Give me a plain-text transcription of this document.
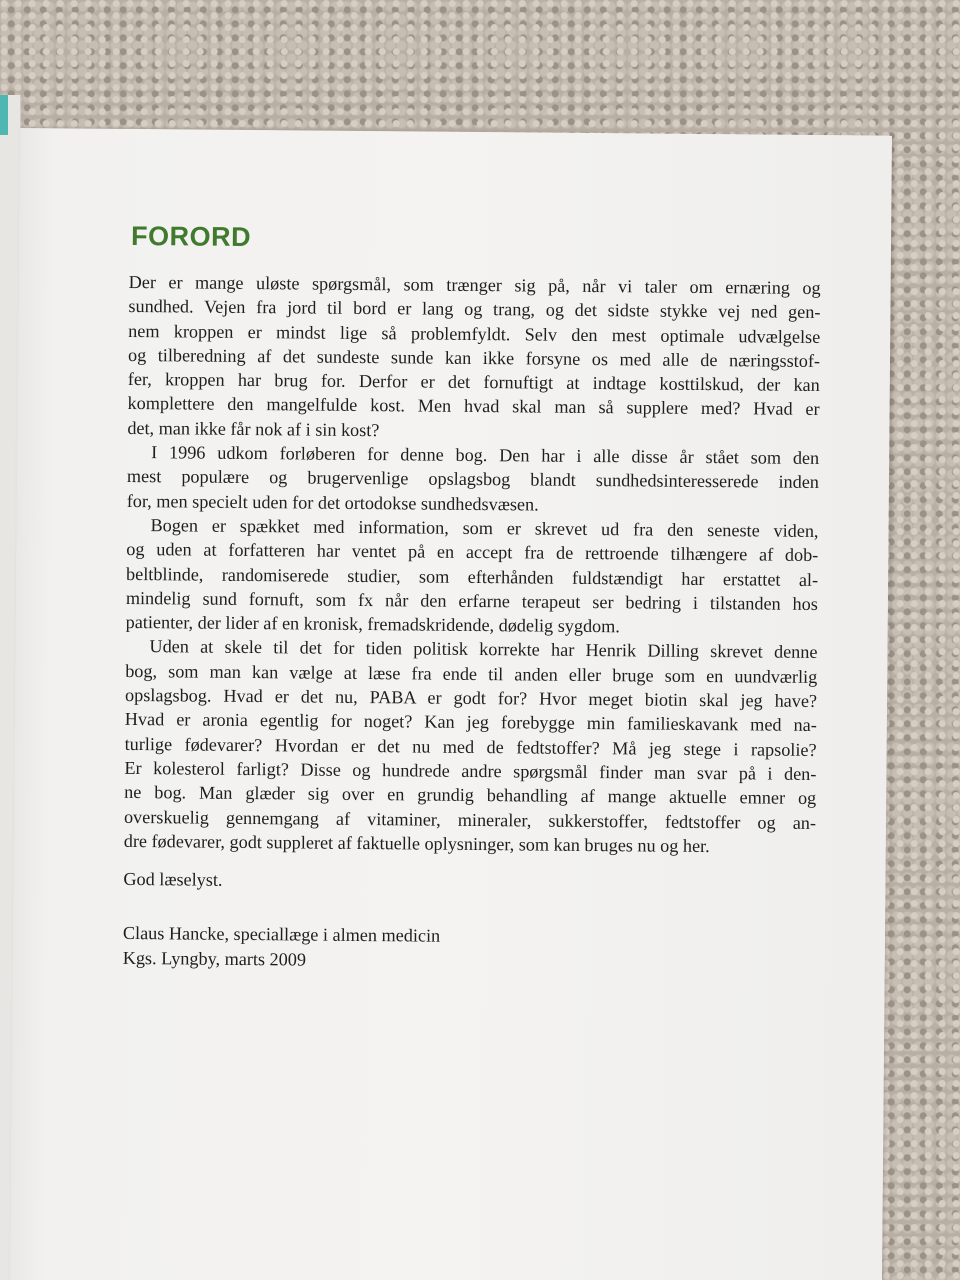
FORORD

Der er mange uløste spørgsmål, som trænger sig på, når vi taler om ernæring og
sundhed. Vejen fra jord til bord er lang og trang, og det sidste stykke vej ned gen-
nem kroppen er mindst lige så problemfyldt. Selv den mest optimale udvælgelse
og tilberedning af det sundeste sunde kan ikke forsyne os med alle de næringsstof-
fer, kroppen har brug for. Derfor er det fornuftigt at indtage kosttilskud, der kan
komplettere den mangelfulde kost. Men hvad skal man så supplere med? Hvad er
det, man ikke får nok af i sin kost?

I 1996 udkom forløberen for denne bog. Den har i alle disse år stået som den
mest populære og brugervenlige opslagsbog blandt sundhedsinteresserede inden
for, men specielt uden for det ortodokse sundhedsvæsen.

Bogen er spækket med information, som er skrevet ud fra den seneste viden,
og uden at forfatteren har ventet på en accept fra de rettroende tilhængere af dob-
beltblinde, randomiserede studier, som efterhånden fuldstændigt har erstattet al-
mindelig sund fornuft, som fx når den erfarne terapeut ser bedring i tilstanden hos
patienter, der lider af en kronisk, fremadskridende, dødelig sygdom.

Uden at skele til det for tiden politisk korrekte har Henrik Dilling skrevet denne
bog, som man kan vælge at læse fra ende til anden eller bruge som en uundværlig
opslagsbog. Hvad er det nu, PABA er godt for? Hvor meget biotin skal jeg have?
Hvad er aronia egentlig for noget? Kan jeg forebygge min familieskavank med na-
turlige fødevarer? Hvordan er det nu med de fedtstoffer? Må jeg stege i rapsolie?
Er kolesterol farligt? Disse og hundrede andre spørgsmål finder man svar på i den-
ne bog. Man glæder sig over en grundig behandling af mange aktuelle emner og
overskuelig gennemgang af vitaminer, mineraler, sukkerstoffer, fedtstoffer og an-
dre fødevarer, godt suppleret af faktuelle oplysninger, som kan bruges nu og her.

God læselyst.

Claus Hancke, speciallæge i almen medicin
Kgs. Lyngby, marts 2009
